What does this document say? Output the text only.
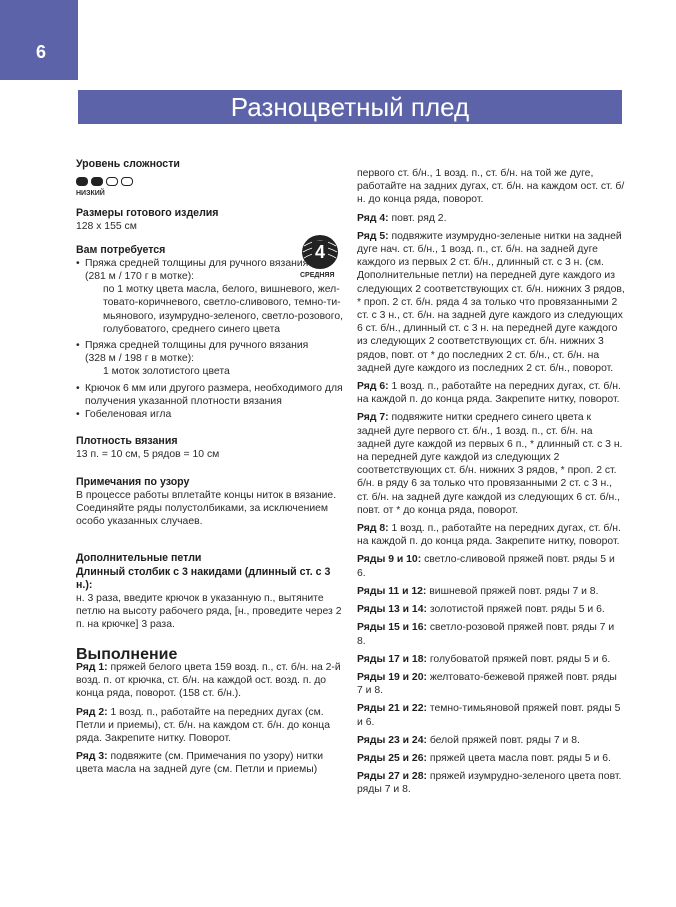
6
Разноцветный плед
4
СРЕДНЯЯ

Уровень сложности

НИЗКИЙ

Размеры готового изделия

128 х 155 см

Вам потребуется

• Пряжа средней толщины для ручного вязания
(281 м / 170 г в мотке):
по 1 мотку цвета масла, белого, вишневого, жел-товато-коричневого, светло-сливового, темно-ти-мьянового, изумрудно-зеленого, светло-розового, голубоватого, среднего синего цвета
• Пряжа средней толщины для ручного вязания
(328 м / 198 г в мотке):
1 моток золотистого цвета
• Крючок 6 мм или другого размера, необходимого для получения указанной плотности вязания
• Гобеленовая игла

Плотность вязания

13 п. = 10 см, 5 рядов = 10 см

Примечания по узору

В процессе работы вплетайте концы ниток в вязание.

Соединяйте ряды полустолбиками, за исключением особо указанных случаев.

Дополнительные петли

Длинный столбик с 3 накидами (длинный ст. с 3 н.):

н. 3 раза, введите крючок в указанную п., вытяните петлю на высоту рабочего ряда, [н., проведите через 2 п. на крючке] 3 раза.

Выполнение

Ряд 1: пряжей белого цвета 159 возд. п., ст. б/н. на 2-й возд. п. от крючка, ст. б/н. на каждой ост. возд. п. до конца ряда, поворот. (158 ст. б/н.).

Ряд 2: 1 возд. п., работайте на передних дугах (см. Петли и приемы), ст. б/н. на каждом ст. б/н. до конца ряда. Закрепите нитку. Поворот.

Ряд 3: подвяжите (см. Примечания по узору) нитки цвета масла на задней дуге (см. Петли и приемы)

первого ст. б/н., 1 возд. п., ст. б/н. на той же дуге, работайте на задних дугах, ст. б/н. на каждом ост. ст. б/н. до конца ряда, поворот.

Ряд 4: повт. ряд 2.

Ряд 5: подвяжите изумрудно-зеленые нитки на задней дуге нач. ст. б/н., 1 возд. п., ст. б/н. на задней дуге каждого из первых 2 ст. б/н., длинный ст. с 3 н. (см. Дополнительные петли) на передней дуге каждого из следующих 2 соответствующих ст. б/н. нижних 3 рядов, * проп. 2 ст. б/н. ряда 4 за только что провязанными 2 ст. с 3 н., ст. б/н. на задней дуге каждого из следующих 6 ст. б/н., длинный ст. с 3 н. на передней дуге каждого из следующих 2 соответствующих ст. б/н. нижних 3 рядов, повт. от * до последних 2 ст. б/н., ст. б/н. на задней дуге каждого из последних 2 ст. б/н., поворот.

Ряд 6: 1 возд. п., работайте на передних дугах, ст. б/н. на каждой п. до конца ряда. Закрепите нитку, поворот.

Ряд 7: подвяжите нитки среднего синего цвета к задней дуге первого ст. б/н., 1 возд. п., ст. б/н. на задней дуге каждой из первых 6 п., * длинный ст. с 3 н. на передней дуге каждой из следующих 2 соответствующих ст. б/н. нижних 3 рядов, * проп. 2 ст. б/н. в ряду 6 за только что провязанными 2 ст. с 3 н., ст. б/н. на задней дуге каждой из следующих 6 ст. б/н., повт. от * до конца ряда, поворот.

Ряд 8: 1 возд. п., работайте на передних дугах, ст. б/н. на каждой п. до конца ряда. Закрепите нитку, поворот.

Ряды 9 и 10: светло-сливовой пряжей повт. ряды 5 и 6.

Ряды 11 и 12: вишневой пряжей повт. ряды 7 и 8.

Ряды 13 и 14: золотистой пряжей повт. ряды 5 и 6.

Ряды 15 и 16: светло-розовой пряжей повт. ряды 7 и 8.

Ряды 17 и 18: голубоватой пряжей повт. ряды 5 и 6.

Ряды 19 и 20: желтовато-бежевой пряжей повт. ряды 7 и 8.

Ряды 21 и 22: темно-тимьяновой пряжей повт. ряды 5 и 6.

Ряды 23 и 24: белой пряжей повт. ряды 7 и 8.

Ряды 25 и 26: пряжей цвета масла повт. ряды 5 и 6.

Ряды 27 и 28: пряжей изумрудно-зеленого цвета повт. ряды 7 и 8.
